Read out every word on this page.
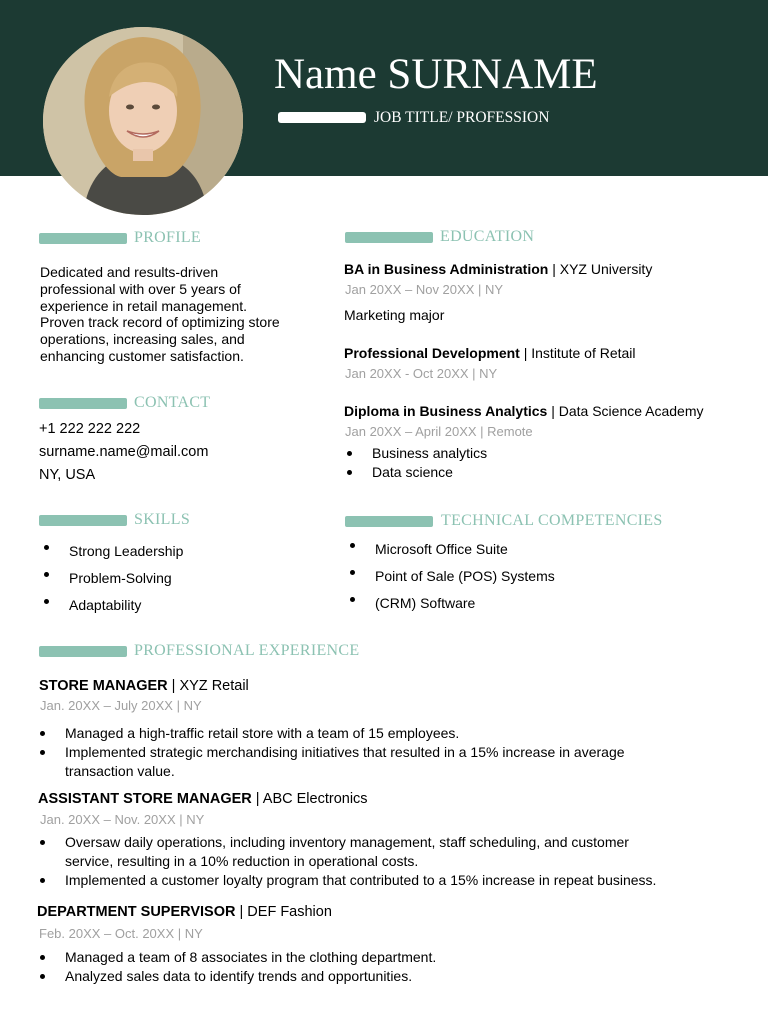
Name SURNAME
JOB TITLE/ PROFESSION
PROFILE
Dedicated and results-driven professional with over 5 years of experience in retail management. Proven track record of optimizing store operations, increasing sales, and enhancing customer satisfaction.
CONTACT
+1 222 222 222
surname.name@mail.com
NY, USA
SKILLS
Strong Leadership
Problem-Solving
Adaptability
EDUCATION
BA in Business Administration | XYZ University
Jan 20XX – Nov 20XX | NY
Marketing major
Professional Development | Institute of Retail
Jan 20XX - Oct 20XX | NY
Diploma in Business Analytics | Data Science Academy
Jan 20XX – April 20XX | Remote
Business analytics
Data science
TECHNICAL COMPETENCIES
Microsoft Office Suite
Point of Sale (POS) Systems
(CRM) Software
PROFESSIONAL EXPERIENCE
STORE MANAGER | XYZ Retail
Jan. 20XX – July 20XX | NY
Managed a high-traffic retail store with a team of 15 employees.
Implemented strategic merchandising initiatives that resulted in a 15% increase in average
transaction value.
ASSISTANT STORE MANAGER | ABC Electronics
Jan. 20XX – Nov. 20XX | NY
Oversaw daily operations, including inventory management, staff scheduling, and customer
service, resulting in a 10% reduction in operational costs.
Implemented a customer loyalty program that contributed to a 15% increase in repeat business.
DEPARTMENT SUPERVISOR | DEF Fashion
Feb. 20XX – Oct. 20XX | NY
Managed a team of 8 associates in the clothing department.
Analyzed sales data to identify trends and opportunities.
